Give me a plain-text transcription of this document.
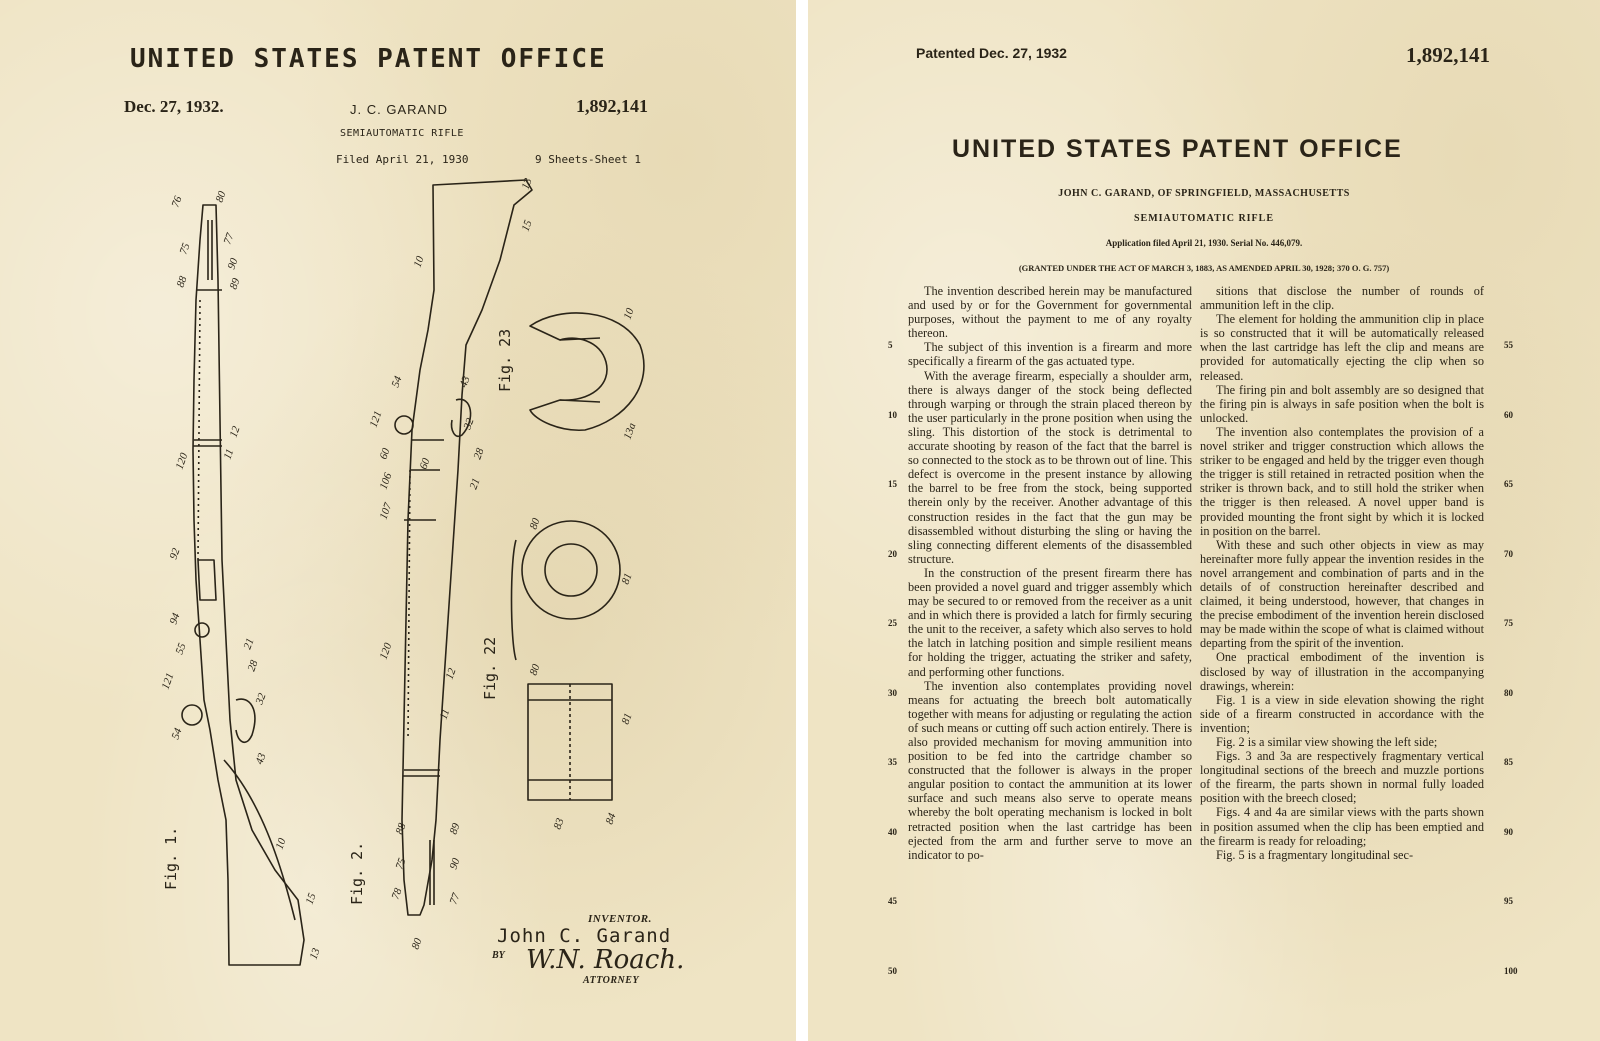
UNITED STATES PATENT OFFICE
Dec. 27, 1932.	J. C. GARAND	1,892,141
SEMIAUTOMATIC RIFLE
Filed April 21, 1930	9 Sheets-Sheet 1
Fig. 1.	Fig. 2.
Fig. 22
Fig. 23
76	80
75
77
90
88	89
12
11
120
92
94
55	21
28
121
54
32
43
10
15
13
13
15
10
54	43
121	32
60	28
60
106	21
107
120
12
11
88	89
75	90
78	77
80
10
13a
80
81
80
81
83	84
INVENTOR.
John C. Garand
BY W.N. Roach.
ATTORNEY
Patented Dec. 27, 1932	1,892,141
UNITED STATES PATENT OFFICE
JOHN C. GARAND, OF SPRINGFIELD, MASSACHUSETTS
SEMIAUTOMATIC RIFLE
Application filed April 21, 1930. Serial No. 446,079.
(GRANTED UNDER THE ACT OF MARCH 3, 1883, AS AMENDED APRIL 30, 1928; 370 O. G. 757)

The invention described herein may be manufactured and used by or for the Government for governmental purposes, without the payment to me of any royalty thereon.

The subject of this invention is a firearm and more specifically a firearm of the gas actuated type.

With the average firearm, especially a shoulder arm, there is always danger of the stock being deflected through warping or through the strain placed thereon by the user particularly in the prone position when using the sling. This distortion of the stock is detrimental to accurate shooting by reason of the fact that the barrel is so connected to the stock as to be thrown out of line. This defect is overcome in the present instance by allowing the barrel to be free from the stock, being supported therein only by the receiver. Another advantage of this construction resides in the fact that the gun may be disassembled without disturbing the sling or having the sling connecting different elements of the disassembled structure.

In the construction of the present firearm there has been provided a novel guard and trigger assembly which may be secured to or removed from the receiver as a unit and in which there is provided a latch for firmly securing the unit to the receiver, a safety which also serves to hold the latch in latching position and simple resilient means for holding the trigger, actuating the striker and safety, and performing other functions.

The invention also contemplates providing novel means for actuating the breech bolt automatically together with means for adjusting or regulating the action of such means or cutting off such action entirely. There is also provided mechanism for moving ammunition into position to be fed into the cartridge chamber so constructed that the follower is always in the proper angular position to contact the ammunition at its lower surface and such means also serve to operate means whereby the bolt operating mechanism is locked in bolt retracted position when the last cartridge has been ejected from the arm and further serve to move an indicator to po-

sitions that disclose the number of rounds of ammunition left in the clip.

The element for holding the ammunition clip in place is so constructed that it will be automatically released when the last cartridge has left the clip and means are provided for automatically ejecting the clip when so released.

The firing pin and bolt assembly are so designed that the firing pin is always in safe position when the bolt is unlocked.

The invention also contemplates the provision of a novel striker and trigger construction which allows the striker to be engaged and held by the trigger even though the trigger is still retained in retracted position when the striker is thrown back, and to still hold the striker when the trigger is then released. A novel upper band is provided mounting the front sight by which it is locked in position on the barrel.

With these and such other objects in view as may hereinafter more fully appear the invention resides in the novel arrangement and combination of parts and in the details of of construction hereinafter described and claimed, it being understood, however, that changes in the precise embodiment of the invention herein disclosed may be made within the scope of what is claimed without departing from the spirit of the invention.

One practical embodiment of the invention is disclosed by way of illustration in the accompanying drawings, wherein:

Fig. 1 is a view in side elevation showing the right side of a firearm constructed in accordance with the invention;

Fig. 2 is a similar view showing the left side;

Figs. 3 and 3a are respectively fragmentary vertical longitudinal sections of the breech and muzzle portions of the firearm, the parts shown in normal fully loaded position with the breech closed;

Figs. 4 and 4a are similar views with the parts shown in position assumed when the clip has been emptied and the firearm is ready for reloading;

Fig. 5 is a fragmentary longitudinal sec-

5
10
15
20
25
30
35
40
45
50
55
60
65
70
75
80
85
90
95
100
